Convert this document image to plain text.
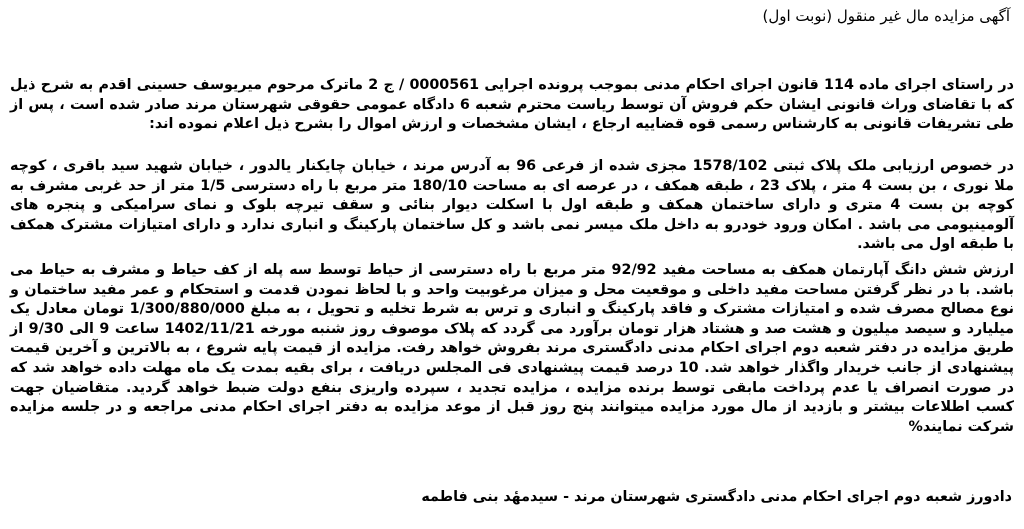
آگهی مزایده مال غیر منقول (نوبت اول)
در راستای اجرای ماده 114 قانون اجرای احکام مدنی بموجب پرونده اجرایی 0000561 / ج 2 ماترک مرحوم میریوسف حسینی اقدم به شرح ذیل که با تقاضای وراث قانونی ایشان حکم فروش آن توسط ریاست محترم شعبه 6 دادگاه عمومی حقوقی شهرستان مرند صادر شده است ، پس از طی تشریفات قانونی به کارشناس رسمی قوه قضاییه ارجاع ، ایشان مشخصات و ارزش اموال را بشرح ذیل اعلام نموده اند:
در خصوص ارزیابی ملک پلاک ثبتی 1578/102 مجزی شده از فرعی 96 به آدرس مرند ، خیابان چایکنار یالدور ، خیابان شهید سید باقری ، کوچه ملا نوری ، بن بست 4 متر ، پلاک 23 ، طبقه همکف ، در عرصه ای به مساحت 180/10 متر مربع با راه دسترسی 1/5 متر از حد غربی مشرف به کوچه بن بست 4 متری و دارای ساختمان همکف و طبقه اول با اسکلت دیوار بنائی و سقف تیرچه بلوک و نمای سرامیکی و پنجره های آلومینیومی می باشد . امکان ورود خودرو به داخل ملک میسر نمی باشد و کل ساختمان پارکینگ و انباری ندارد و دارای امتیازات مشترک همکف با طبقه اول می باشد.
ارزش شش دانگ آپارتمان همکف به مساحت مفید 92/92 متر مربع با راه دسترسی از حیاط توسط سه پله از کف حیاط و مشرف به حیاط می باشد. با در نظر گرفتن مساحت مفید داخلی و موقعیت محل و میزان مرغوبیت واحد و با لحاظ نمودن قدمت و استحکام و عمر مفید ساختمان و نوع مصالح مصرف شده و امتیازات مشترک و فاقد پارکینگ و انباری و ترس به شرط تخلیه و تحویل ، به مبلغ 1/300/880/000 تومان معادل یک میلیارد و سیصد میلیون و هشت صد و هشتاد هزار تومان برآورد می گردد که پلاک موصوف روز شنبه مورخه 1402/11/21 ساعت 9 الی 9/30 از طریق مزایده در دفتر شعبه دوم اجرای احکام مدنی دادگستری مرند بفروش خواهد رفت. مزایده از قیمت پایه شروع ، به بالاترین و آخرین قیمت پیشنهادی از جانب خریدار واگذار خواهد شد. 10 درصد قیمت پیشنهادی فی المجلس دریافت ، برای بقیه بمدت یک ماه مهلت داده خواهد شد که در صورت انصراف یا عدم پرداخت مابقی توسط برنده مزایده ، مزایده تجدید ، سپرده واریزی بنفع دولت ضبط خواهد گردید. متقاضیان جهت کسب اطلاعات بیشتر و بازدید از مال مورد مزایده میتوانند پنج روز قبل از موعد مزایده به دفتر اجرای احکام مدنی مراجعه و در جلسه مزایده شرکت نمایند%
دادورز شعبه دوم اجرای احکام مدنی دادگستری شهرستان مرند - سیدمهٔد بنی فاطمه
